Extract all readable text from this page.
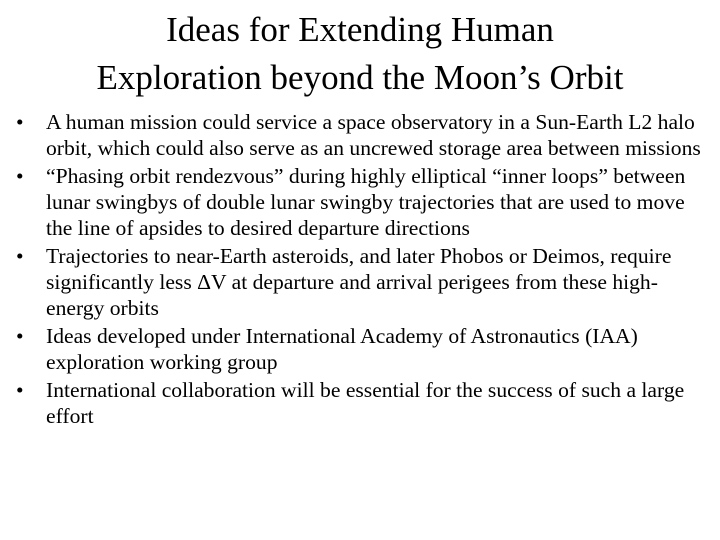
Ideas for Extending Human
Exploration beyond the Moon’s Orbit
• A human mission could service a space observatory in a Sun-Earth L2 halo orbit, which could also serve as an uncrewed storage area between missions
• “Phasing orbit rendezvous” during highly elliptical “inner loops” between lunar swingbys of double lunar swingby trajectories that are used to move the line of apsides to desired departure directions
• Trajectories to near-Earth asteroids, and later Phobos or Deimos, require significantly less ΔV at departure and arrival perigees from these high-energy orbits
• Ideas developed under International Academy of Astronautics (IAA) exploration working group
• International collaboration will be essential for the success of such a large effort
